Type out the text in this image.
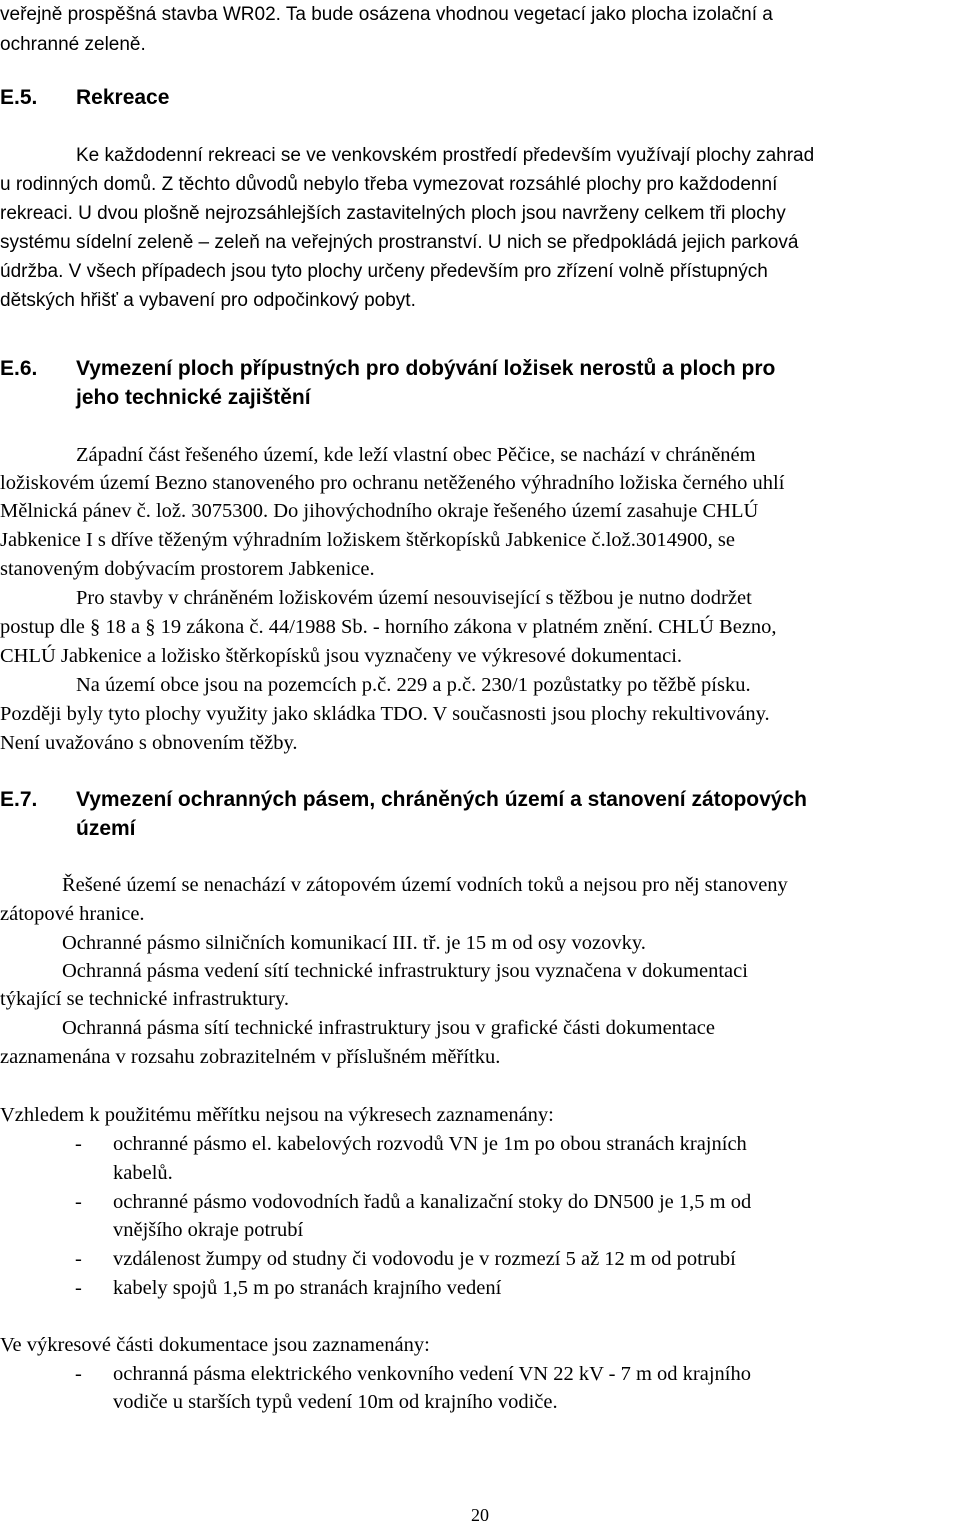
veřejně prospěšná stavba WR02. Ta bude osázena vhodnou vegetací jako plocha izolační a
ochranné zeleně.
E.5. Rekreace
Ke každodenní rekreaci se ve venkovském prostředí především využívají plochy zahrad
u rodinných domů. Z těchto důvodů nebylo třeba vymezovat rozsáhlé plochy pro každodenní
rekreaci. U dvou plošně nejrozsáhlejších zastavitelných ploch jsou navrženy celkem tři plochy
systému sídelní zeleně – zeleň na veřejných prostranství. U nich se předpokládá jejich parková
údržba. V všech případech jsou tyto plochy určeny především pro zřízení volně přístupných
dětských hřišť a vybavení pro odpočinkový pobyt.
E.6. Vymezení ploch přípustných pro dobývání ložisek nerostů a ploch pro
jeho technické zajištění
Západní část řešeného území, kde leží vlastní obec Pěčice, se nachází v chráněném
ložiskovém území Bezno stanoveného pro ochranu netěženého výhradního ložiska černého uhlí
Mělnická pánev č. lož. 3075300. Do jihovýchodního okraje řešeného území zasahuje CHLÚ
Jabkenice I s dříve těženým výhradním ložiskem štěrkopísků Jabkenice č.lož.3014900, se
stanoveným dobývacím prostorem Jabkenice.
Pro stavby v chráněném ložiskovém území nesouvisející s těžbou je nutno dodržet
postup dle § 18 a § 19 zákona č. 44/1988 Sb. - horního zákona v platném znění. CHLÚ Bezno,
CHLÚ Jabkenice a ložisko štěrkopísků jsou vyznačeny ve výkresové dokumentaci.
Na území obce jsou na pozemcích p.č. 229 a p.č. 230/1 pozůstatky po těžbě písku.
Později byly tyto plochy využity jako skládka TDO. V současnosti jsou plochy rekultivovány.
Není uvažováno s obnovením těžby.
E.7. Vymezení ochranných pásem, chráněných území a stanovení zátopových
území
Řešené území se nenachází v zátopovém území vodních toků a nejsou pro něj stanoveny
zátopové hranice.
Ochranné pásmo silničních komunikací III. tř. je 15 m od osy vozovky.
Ochranná pásma vedení sítí technické infrastruktury jsou vyznačena v dokumentaci
týkající se technické infrastruktury.
Ochranná pásma sítí technické infrastruktury jsou v grafické části dokumentace
zaznamenána v rozsahu zobrazitelném v příslušném měřítku.
Vzhledem k použitému měřítku nejsou na výkresech zaznamenány:
- ochranné pásmo el. kabelových rozvodů VN je 1m po obou stranách krajních
kabelů.
- ochranné pásmo vodovodních řadů a kanalizační stoky do DN500 je 1,5 m od
vnějšího okraje potrubí
- vzdálenost žumpy od studny či vodovodu je v rozmezí 5 až 12 m od potrubí
- kabely spojů 1,5 m po stranách krajního vedení
Ve výkresové části dokumentace jsou zaznamenány:
- ochranná pásma elektrického venkovního vedení VN 22 kV - 7 m od krajního
vodiče u starších typů vedení 10m od krajního vodiče.
20
